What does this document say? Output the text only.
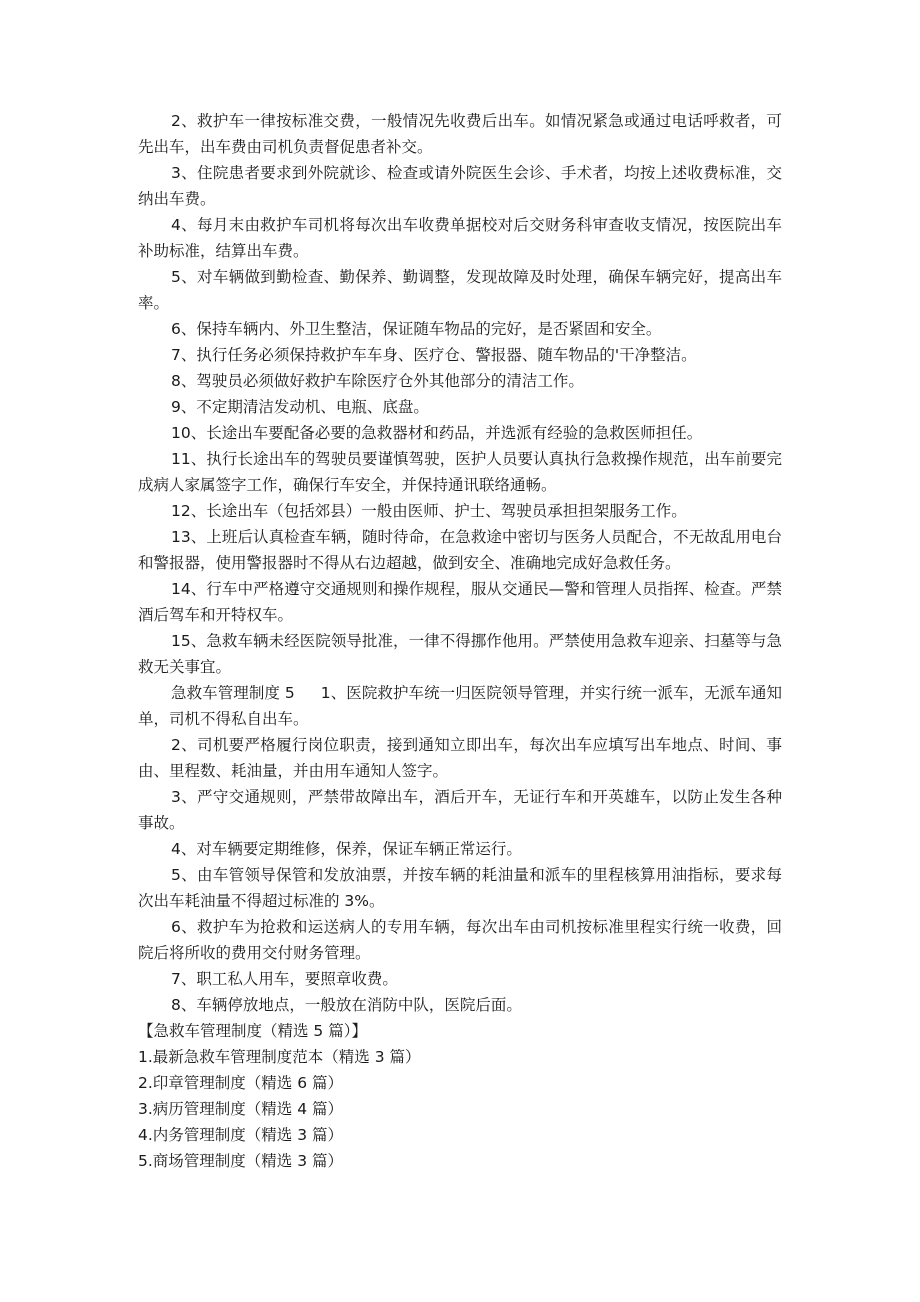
2、救护车一律按标准交费，一般情况先收费后出车。如情况紧急或通过电话呼救者，可先出车，出车费由司机负责督促患者补交。

3、住院患者要求到外院就诊、检查或请外院医生会诊、手术者，均按上述收费标准，交纳出车费。

4、每月末由救护车司机将每次出车收费单据校对后交财务科审查收支情况，按医院出车补助标准，结算出车费。

5、对车辆做到勤检查、勤保养、勤调整，发现故障及时处理，确保车辆完好，提高出车率。

6、保持车辆内、外卫生整洁，保证随车物品的完好，是否紧固和安全。

7、执行任务必须保持救护车车身、医疗仓、警报器、随车物品的'干净整洁。

8、驾驶员必须做好救护车除医疗仓外其他部分的清洁工作。

9、不定期清洁发动机、电瓶、底盘。

10、长途出车要配备必要的急救器材和药品，并选派有经验的急救医师担任。

11、执行长途出车的驾驶员要谨慎驾驶，医护人员要认真执行急救操作规范，出车前要完成病人家属签字工作，确保行车安全，并保持通讯联络通畅。

12、长途出车（包括郊县）一般由医师、护士、驾驶员承担担架服务工作。

13、上班后认真检查车辆，随时待命，在急救途中密切与医务人员配合，不无故乱用电台和警报器，使用警报器时不得从右边超越，做到安全、准确地完成好急救任务。

14、行车中严格遵守交通规则和操作规程，服从交通民—警和管理人员指挥、检查。严禁酒后驾车和开特权车。

15、急救车辆未经医院领导批准，一律不得挪作他用。严禁使用急救车迎亲、扫墓等与急救无关事宜。

急救车管理制度 5 1、医院救护车统一归医院领导管理，并实行统一派车，无派车通知单，司机不得私自出车。

2、司机要严格履行岗位职责，接到通知立即出车，每次出车应填写出车地点、时间、事由、里程数、耗油量，并由用车通知人签字。

3、严守交通规则，严禁带故障出车，酒后开车，无证行车和开英雄车，以防止发生各种事故。

4、对车辆要定期维修，保养，保证车辆正常运行。

5、由车管领导保管和发放油票，并按车辆的耗油量和派车的里程核算用油指标，要求每次出车耗油量不得超过标准的 3%。

6、救护车为抢救和运送病人的专用车辆，每次出车由司机按标准里程实行统一收费，回院后将所收的费用交付财务管理。

7、职工私人用车，要照章收费。

8、车辆停放地点，一般放在消防中队，医院后面。

【急救车管理制度（精选 5 篇）】

1.最新急救车管理制度范本（精选 3 篇）
2.印章管理制度（精选 6 篇）
3.病历管理制度（精选 4 篇）
4.内务管理制度（精选 3 篇）
5.商场管理制度（精选 3 篇）
